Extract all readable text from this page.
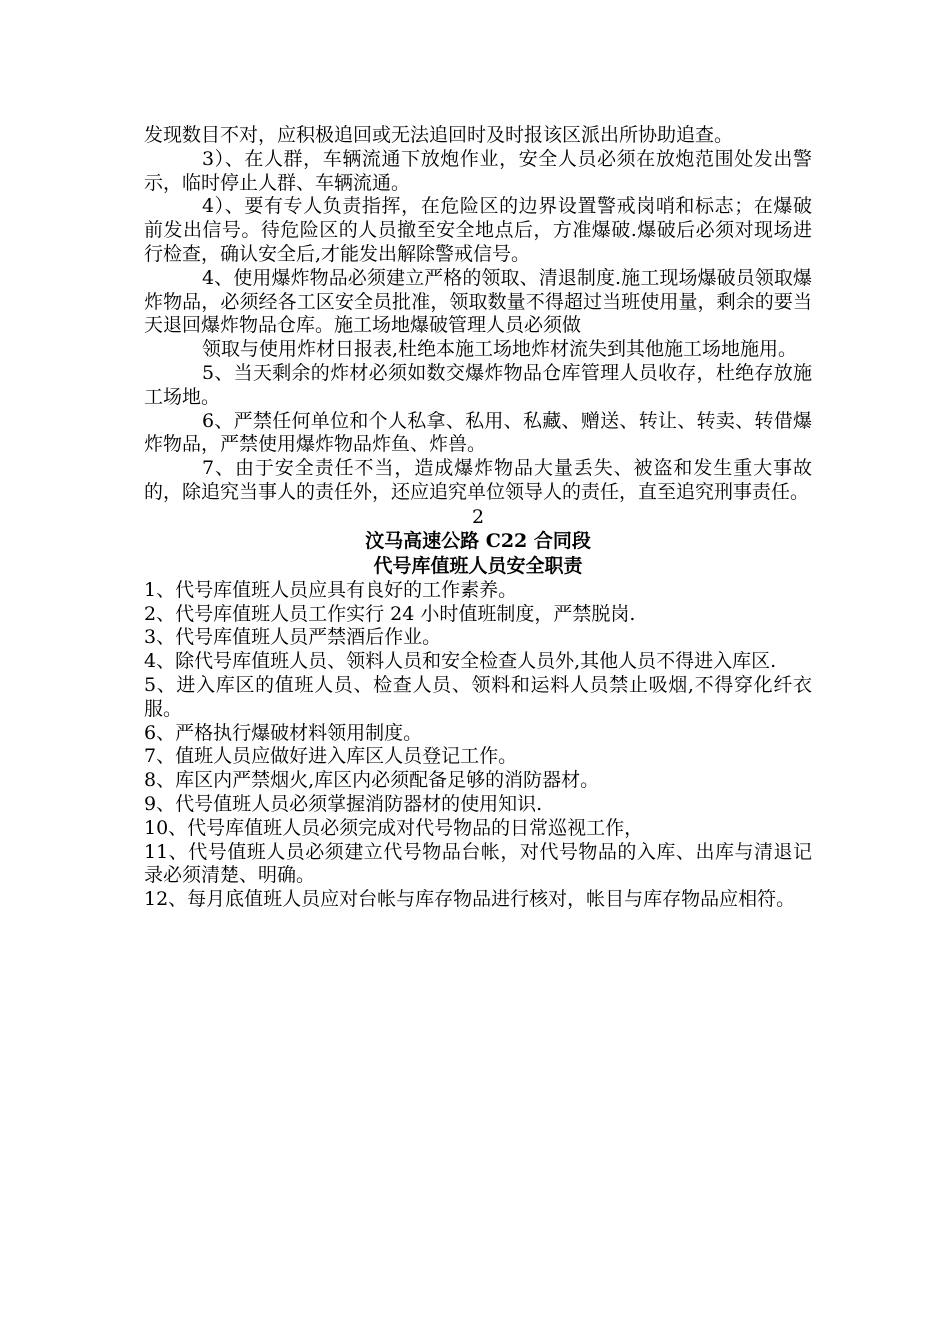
发现数目不对，应积极追回或无法追回时及时报该区派出所协助追查。

3）、在人群，车辆流通下放炮作业，安全人员必须在放炮范围处发出警示，临时停止人群、车辆流通。

4）、要有专人负责指挥，在危险区的边界设置警戒岗哨和标志；在爆破前发出信号。待危险区的人员撤至安全地点后，方准爆破.爆破后必须对现场进行检查，确认安全后,才能发出解除警戒信号。

4、使用爆炸物品必须建立严格的领取、清退制度.施工现场爆破员领取爆炸物品，必须经各工区安全员批准，领取数量不得超过当班使用量，剩余的要当天退回爆炸物品仓库。施工场地爆破管理人员必须做

领取与使用炸材日报表,杜绝本施工场地炸材流失到其他施工场地施用。

5、当天剩余的炸材必须如数交爆炸物品仓库管理人员收存，杜绝存放施工场地。

6、严禁任何单位和个人私拿、私用、私藏、赠送、转让、转卖、转借爆炸物品，严禁使用爆炸物品炸鱼、炸兽。

7、由于安全责任不当，造成爆炸物品大量丢失、被盗和发生重大事故的，除追究当事人的责任外，还应追究单位领导人的责任，直至追究刑事责任。

2

汶马高速公路 C22 合同段

代号库值班人员安全职责

1、代号库值班人员应具有良好的工作素养。

2、代号库值班人员工作实行 24 小时值班制度，严禁脱岗.

3、代号库值班人员严禁酒后作业。

4、除代号库值班人员、领料人员和安全检查人员外,其他人员不得进入库区.

5、进入库区的值班人员、检查人员、领料和运料人员禁止吸烟,不得穿化纤衣服。

6、严格执行爆破材料领用制度。

7、值班人员应做好进入库区人员登记工作。

8、库区内严禁烟火,库区内必须配备足够的消防器材。

9、代号值班人员必须掌握消防器材的使用知识.

10、代号库值班人员必须完成对代号物品的日常巡视工作，

11、代号值班人员必须建立代号物品台帐，对代号物品的入库、出库与清退记录必须清楚、明确。

12、每月底值班人员应对台帐与库存物品进行核对，帐目与库存物品应相符。
